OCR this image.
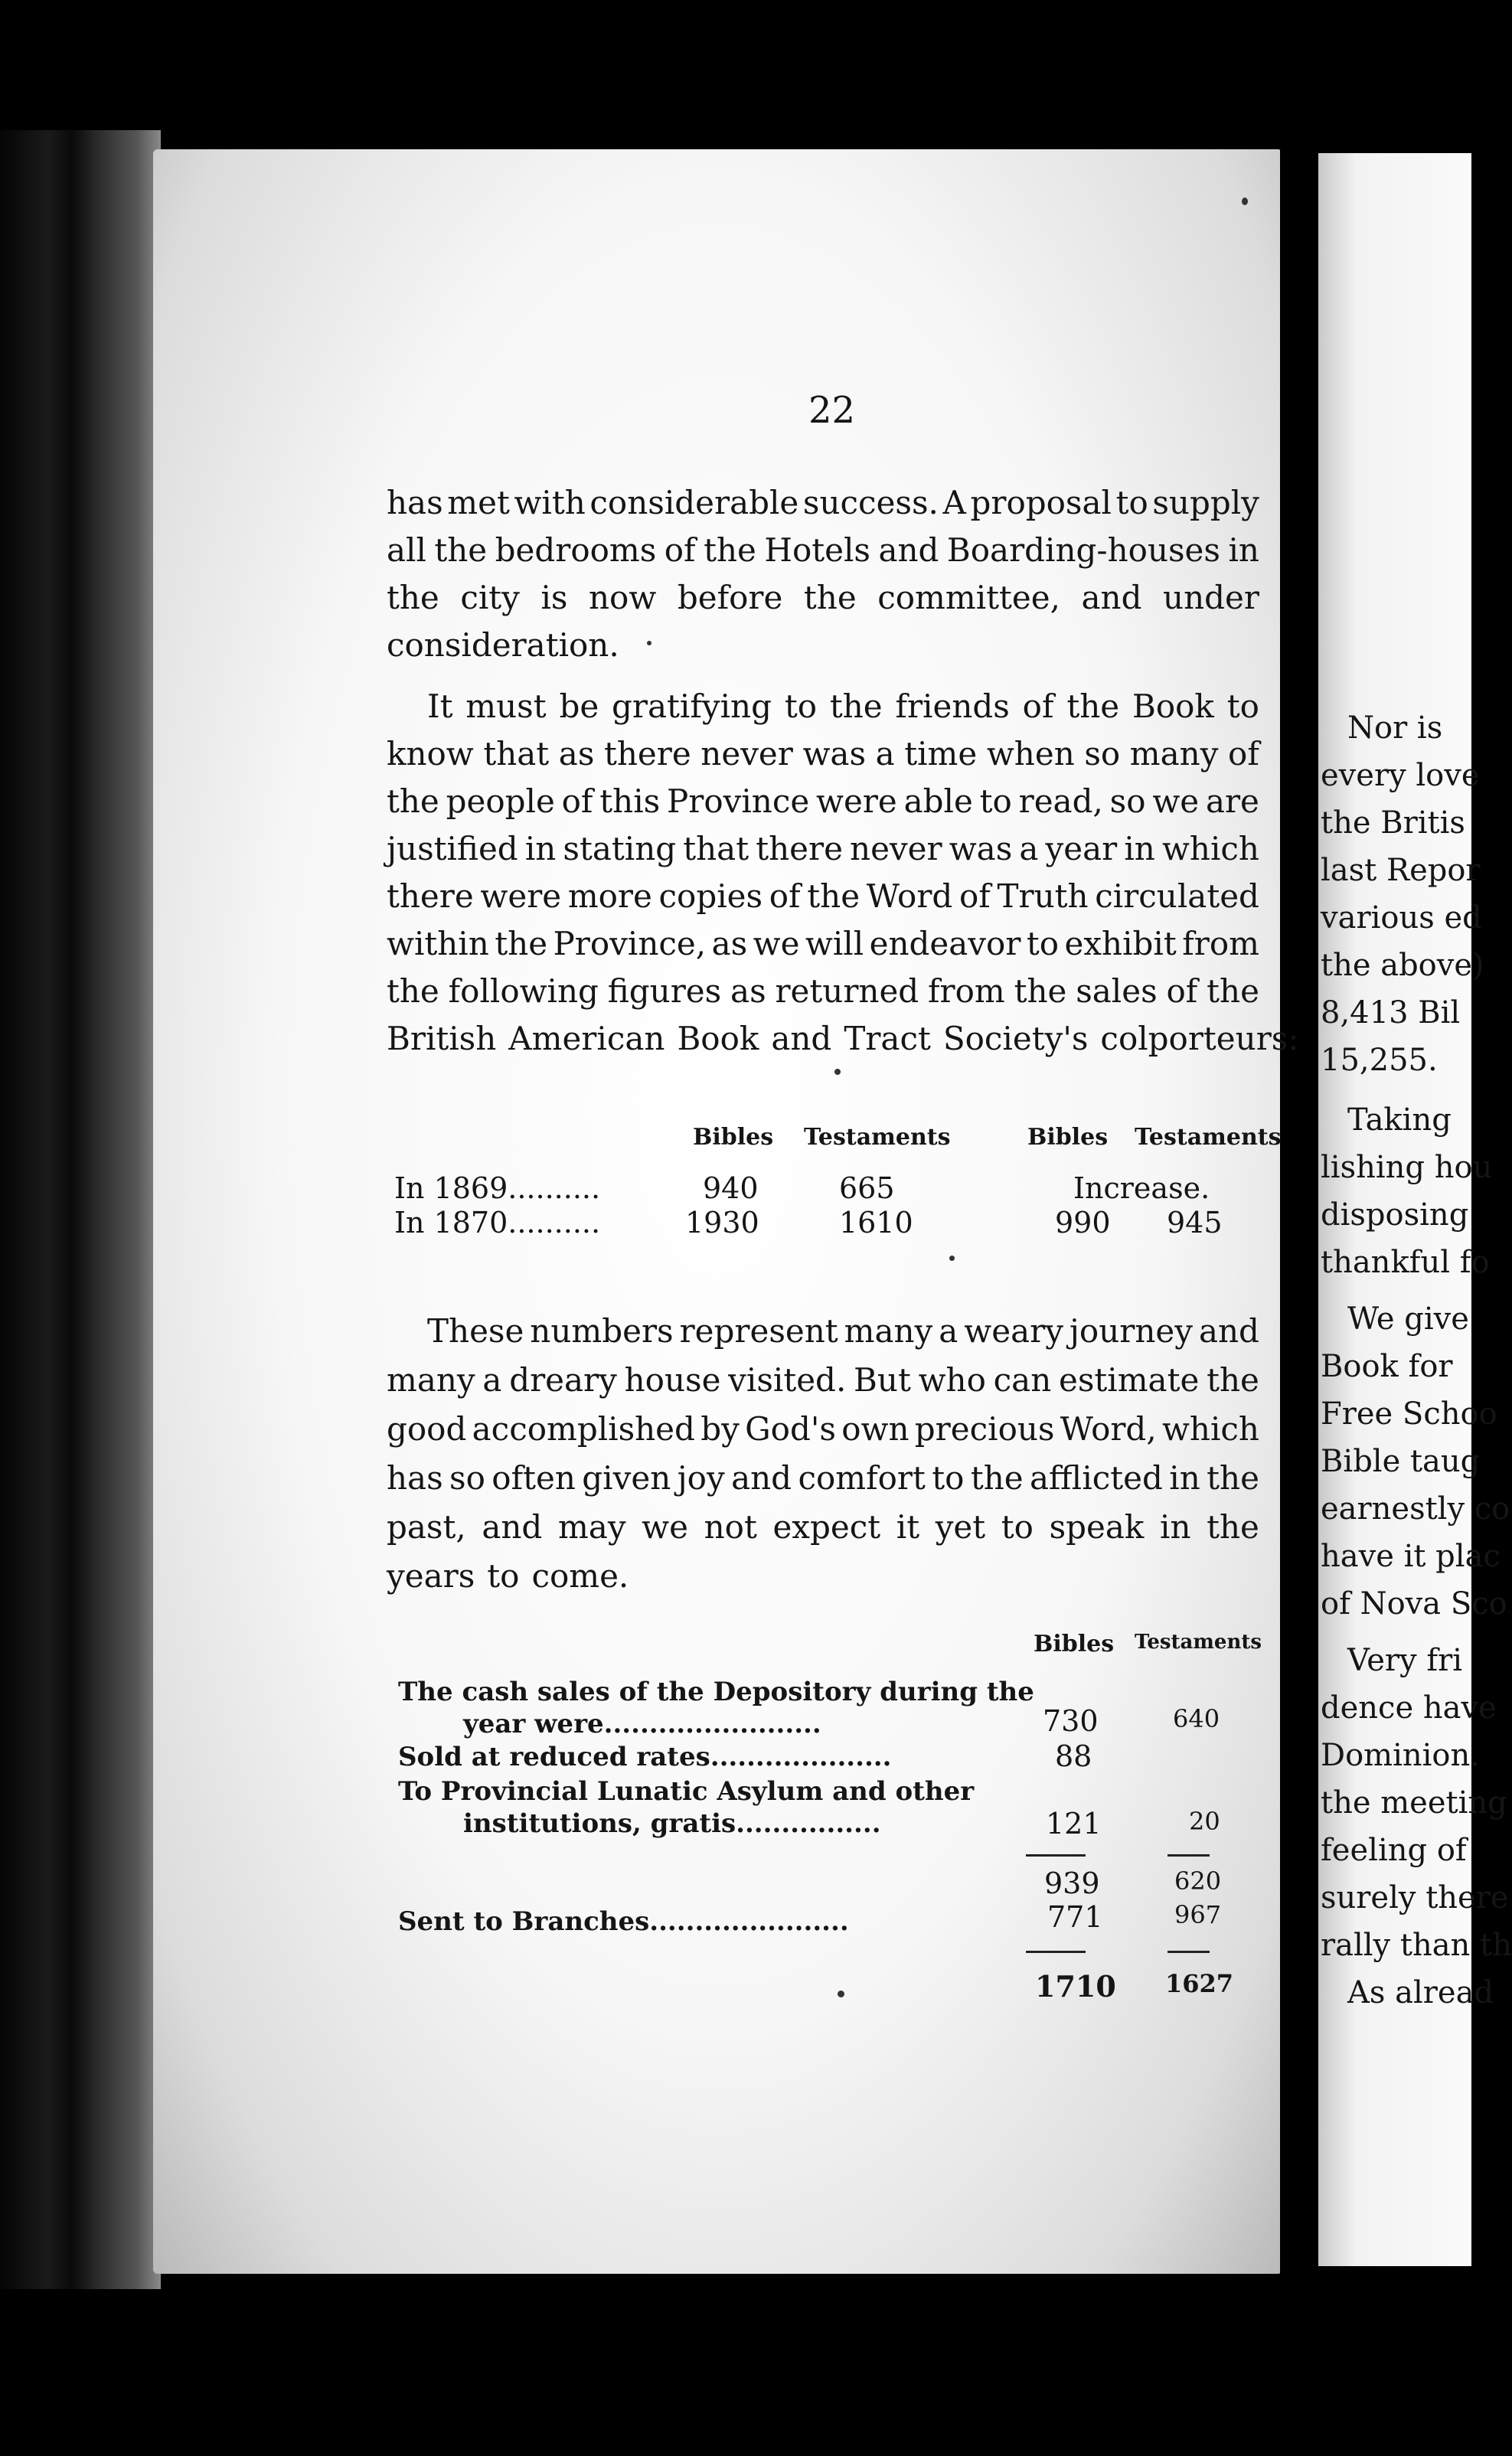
22
has met with considerable success. A proposal to supply
all the bedrooms of the Hotels and Boarding-houses in
the city is now before the committee, and under
consideration.
It must be gratifying to the friends of the Book to
know that as there never was a time when so many of
the people of this Province were able to read, so we are
justified in stating that there never was a year in which
there were more copies of the Word of Truth circulated
within the Province, as we will endeavor to exhibit from
the following figures as returned from the sales of the
British American Book and Tract Society's colporteurs:
Bibles Testaments	Bibles Testaments
Increase.
In 1869..........	940	665
In 1870..........	1930	1610	990 945
These numbers represent many a weary journey and
many a dreary house visited. But who can estimate the
good accomplished by God's own precious Word, which
has so often given joy and comfort to the afflicted in the
past, and may we not expect it yet to speak in the
years to come.
Bibles Testaments
The cash sales of the Depository during the
year were........................	730	640
Sold at reduced rates....................	88
To Provincial Lunatic Asylum and other
institutions, gratis................	121	20
939	620
Sent to Branches......................	771	967
1710 1627
Nor is
every love
the Britis
last Repor
various ed
the above)
8,413 Bil
15,255.
Taking
lishing hou
disposing
thankful fo
We give
Book for
Free Schoo
Bible taug
earnestly co
have it plac
of Nova Sco
Very fri
dence have
Dominion.
the meeting
feeling of
surely there
rally than th
As alread
